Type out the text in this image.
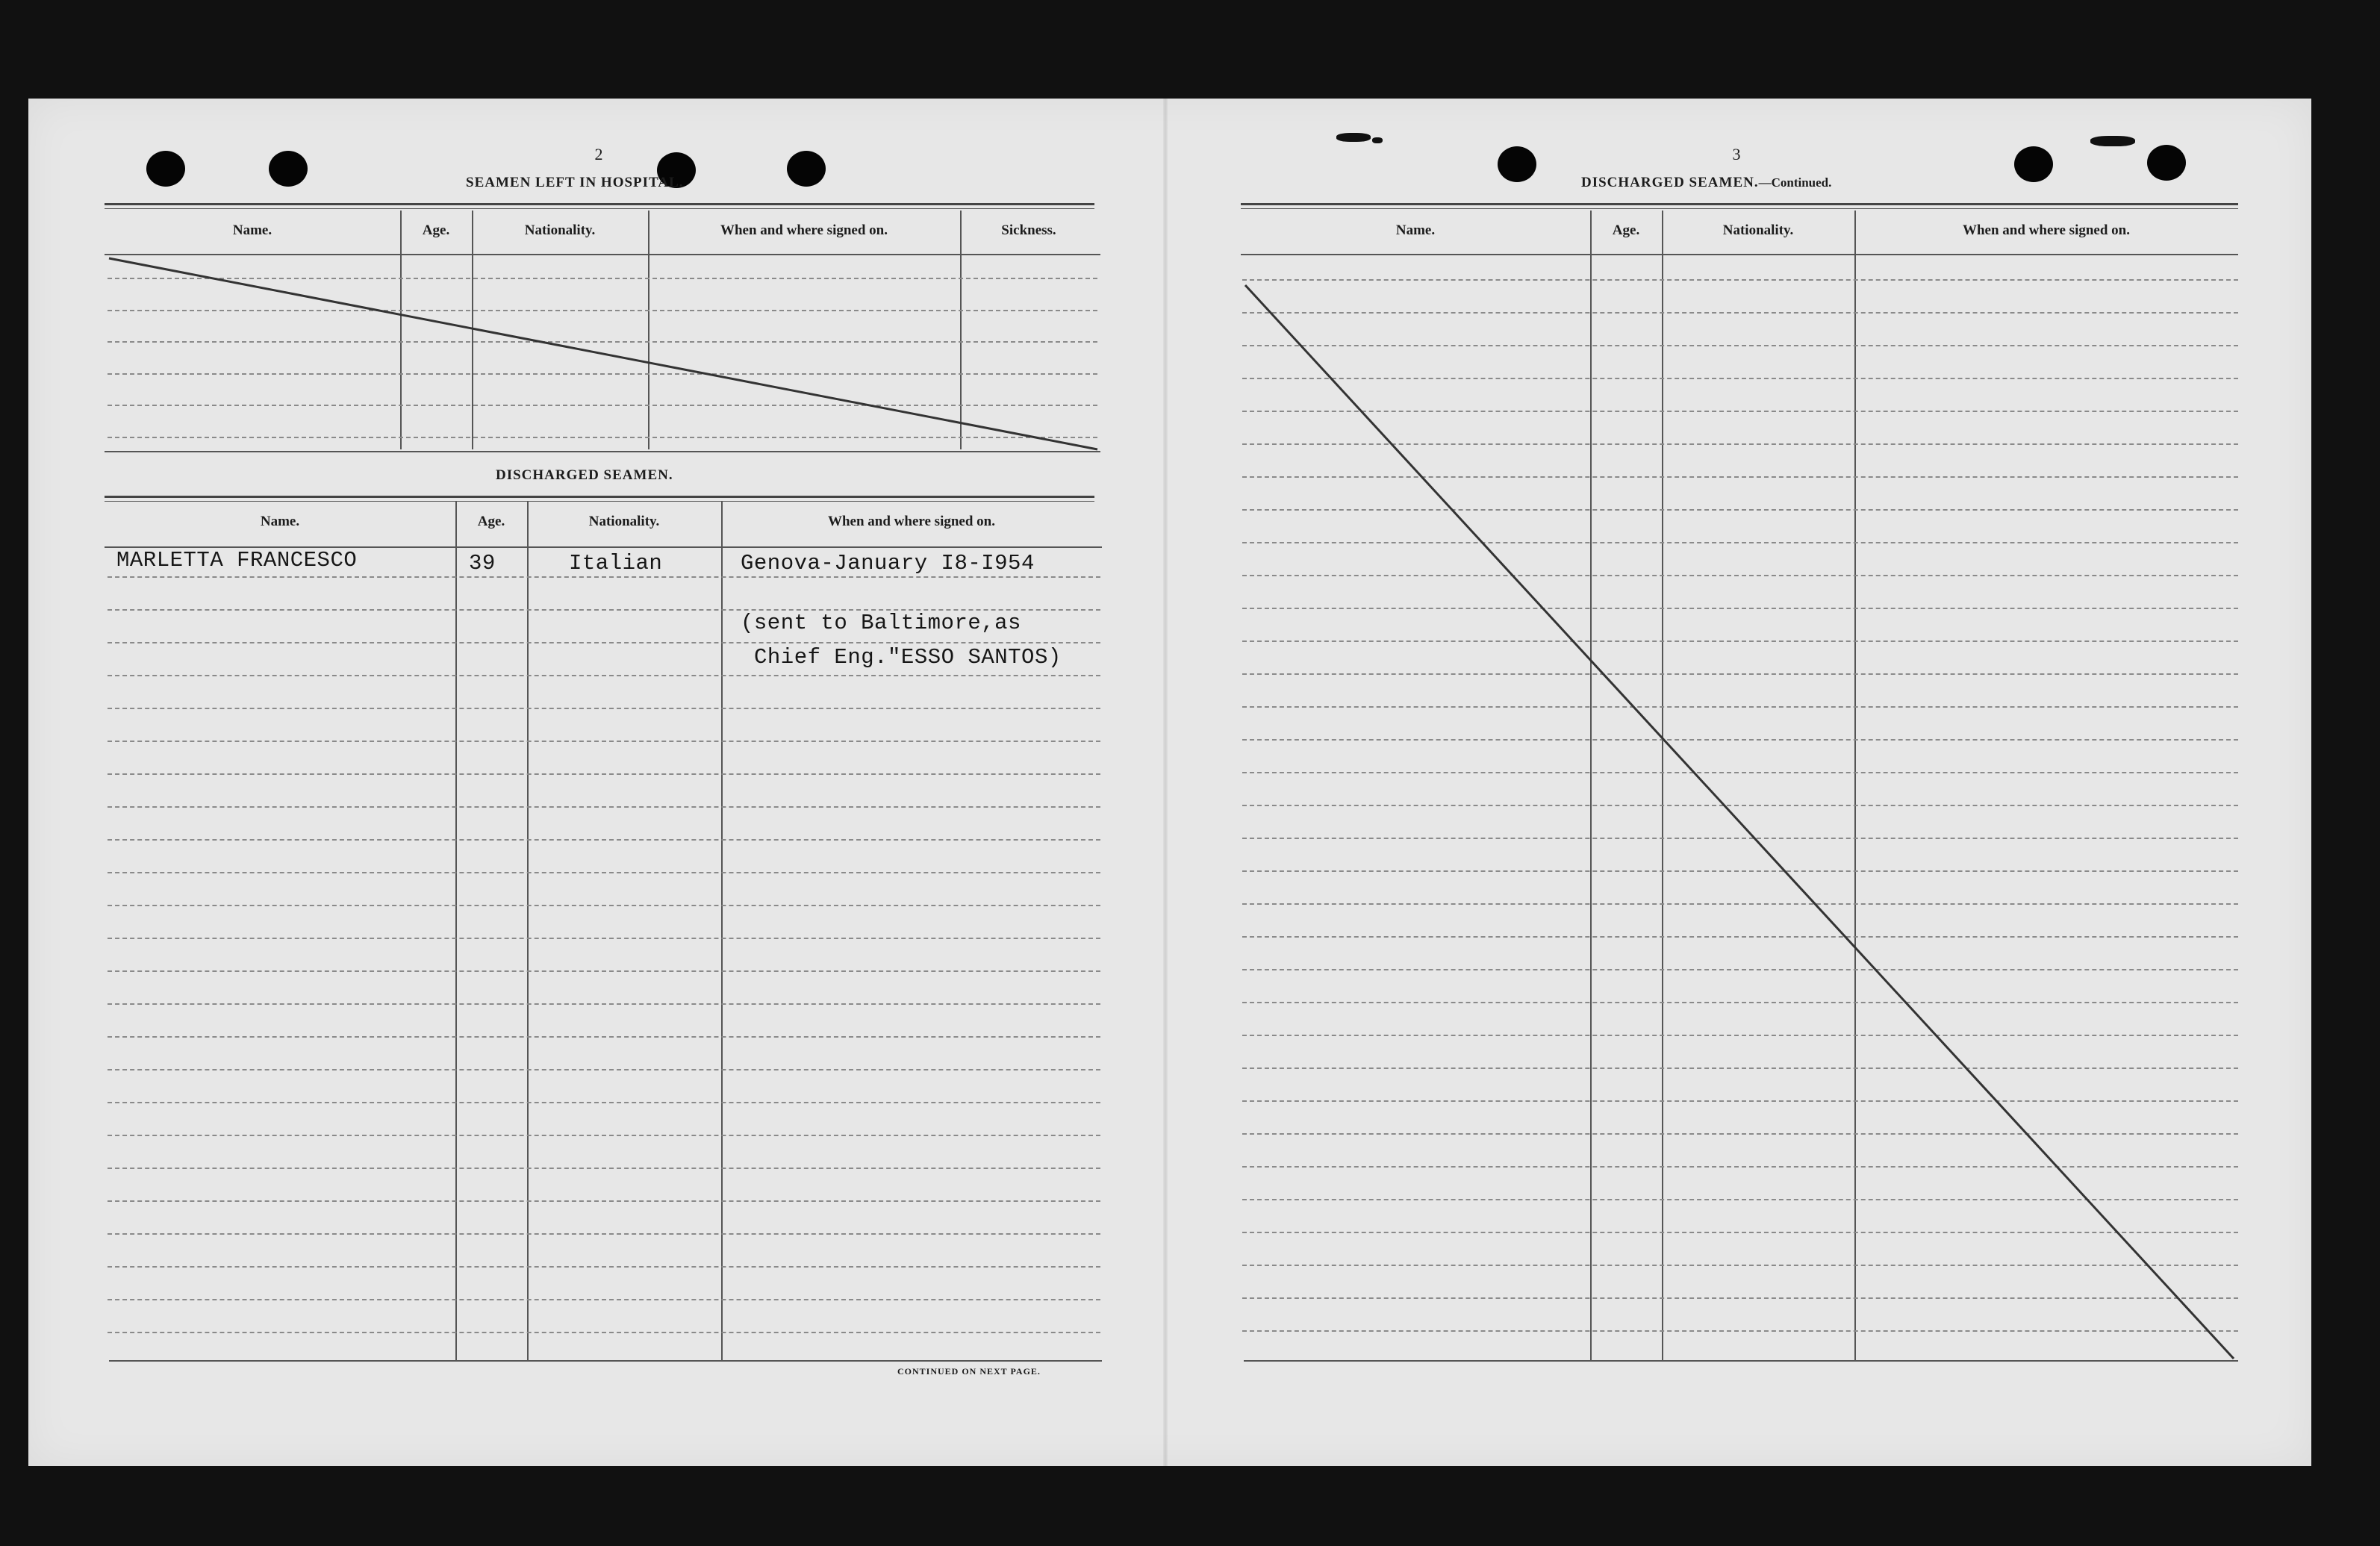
2
SEAMEN LEFT IN HOSPITAL.
Name.	Age.	Nationality.	When and where signed on.	Sickness.
DISCHARGED SEAMEN.
Name.	Age.	Nationality.	When and where signed on.
MARLETTA FRANCESCO	39	Italian	Genova-January I8-I954
(sent to Baltimore,as
Chief Eng."ESSO SANTOS)
CONTINUED ON NEXT PAGE.
3
DISCHARGED SEAMEN.—Continued.
Name.	Age.	Nationality.	When and where signed on.
